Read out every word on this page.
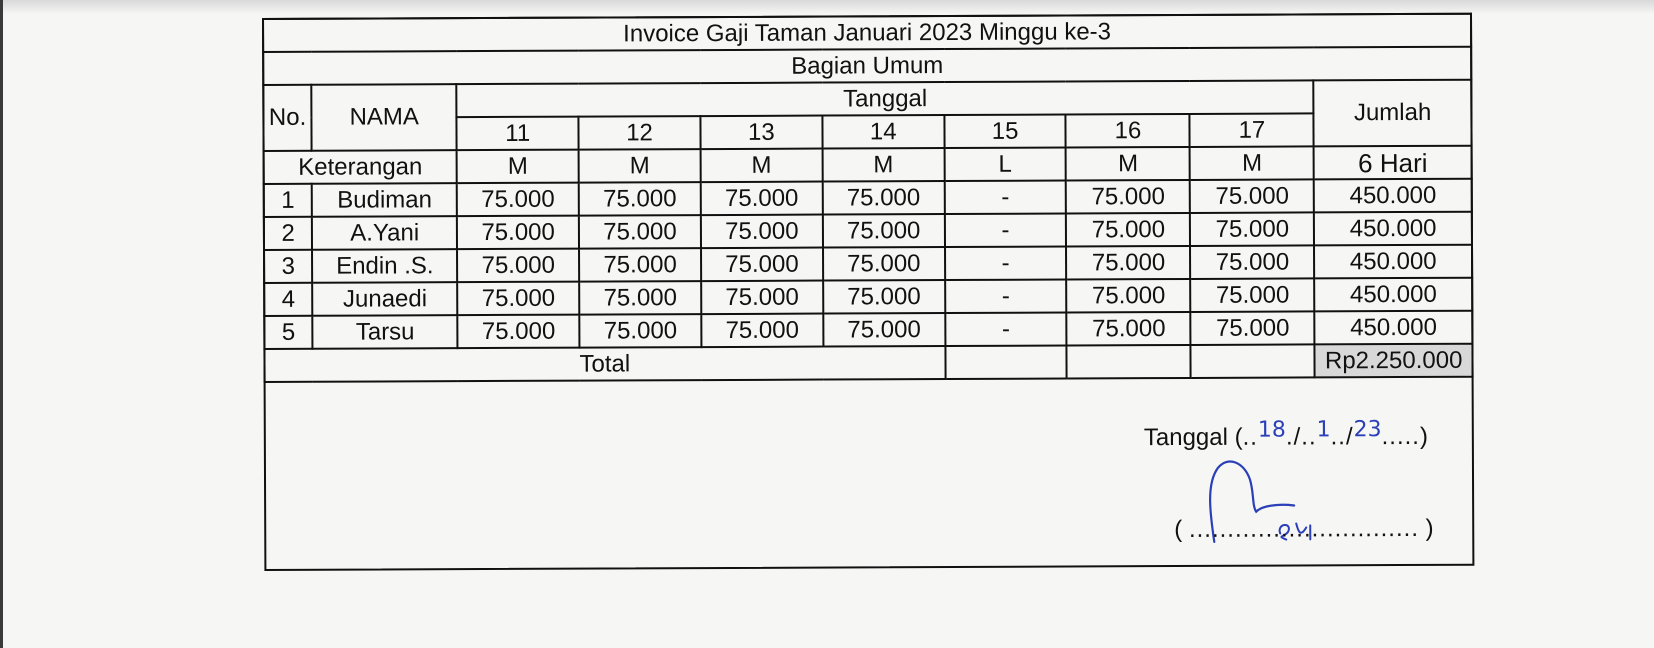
Invoice Gaji Taman Januari 2023 Minggu ke-3									
Bagian Umum									
No.	NAMA	Tanggal							Jumlah
		11	12	13	14	15	16	17	
Keterangan		M	M	M	M	L	M	M	6 Hari
1	Budiman	75.000	75.000	75.000	75.000	-	75.000	75.000	450.000
2	A.Yani	75.000	75.000	75.000	75.000	-	75.000	75.000	450.000
3	Endin .S.	75.000	75.000	75.000	75.000	-	75.000	75.000	450.000
4	Junaedi	75.000	75.000	75.000	75.000	-	75.000	75.000	450.000
5	Tarsu	75.000	75.000	75.000	75.000	-	75.000	75.000	450.000
Total									Rp2.250.000
Tanggal (..18./..1../23.....)
( .............................. )
